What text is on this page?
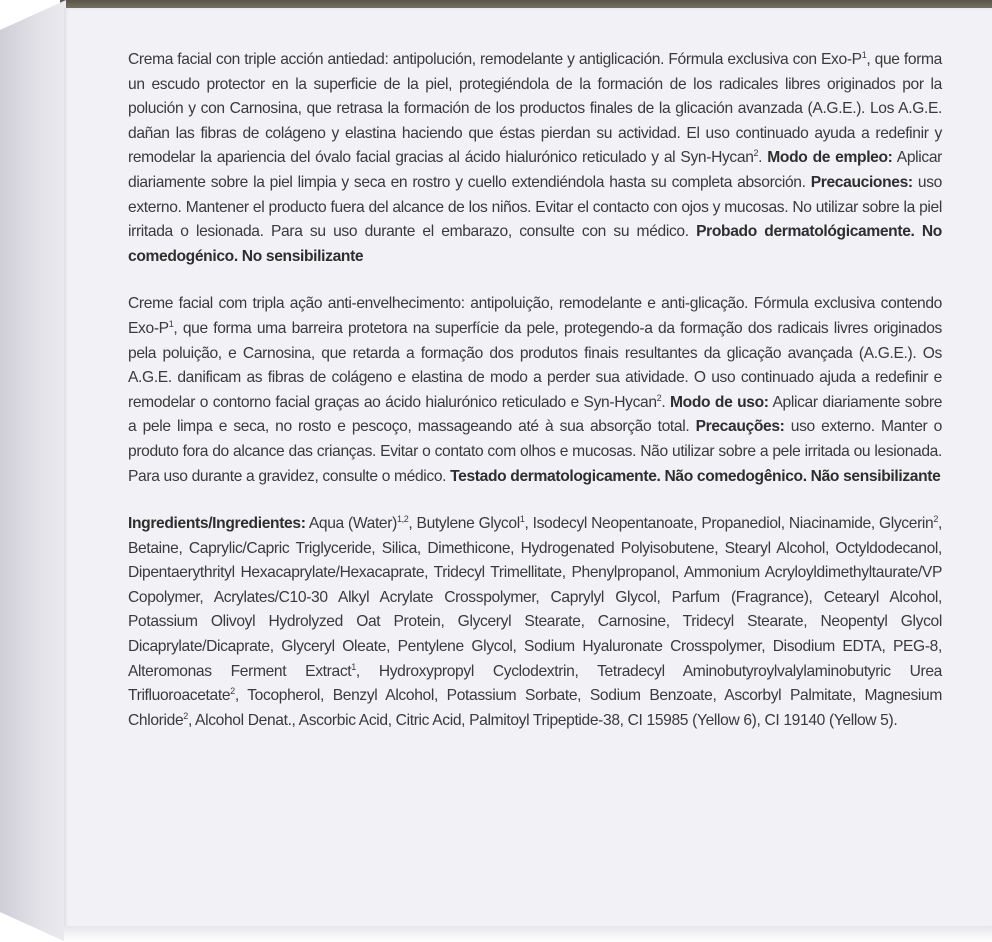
Crema facial con triple acción antiedad: antipolución, remodelante y antiglicación. Fórmula exclusiva con Exo-$P^1$, que forma un escudo protector en la superficie de la piel, protegiéndola de la formación de los radicales libres originados por la polución y con Carnosina, que retrasa la formación de los productos finales de la glicación avanzada (A.G.E.). Los A.G.E. dañan las fibras de colágeno y elastina haciendo que éstas pierdan su actividad. El uso continuado ayuda a redefinir y remodelar la apariencia del óvalo facial gracias al ácido hialurónico reticulado y al Syn-Hycan$^2$. Modo de empleo: Aplicar diariamente sobre la piel limpia y seca en rostro y cuello extendiéndola hasta su completa absorción. Precauciones: uso externo. Mantener el producto fuera del alcance de los niños. Evitar el contacto con ojos y mucosas. No utilizar sobre la piel irritada o lesionada. Para su uso durante el embarazo, consulte con su médico. Probado dermatológicamente. No comedogénico. No sensibilizante

Creme facial com tripla ação anti-envelhecimento: antipoluição, remodelante e anti-glicação. Fórmula exclusiva contendo Exo-$P^1$, que forma uma barreira protetora na superfície da pele, protegendo-a da formação dos radicais livres originados pela poluição, e Carnosina, que retarda a formação dos produtos finais resultantes da glicação avançada (A.G.E.). Os A.G.E. danificam as fibras de colágeno e elastina de modo a perder sua atividade. O uso continuado ajuda a redefinir e remodelar o contorno facial graças ao ácido hialurónico reticulado e Syn-Hycan$^2$. Modo de uso: Aplicar diariamente sobre a pele limpa e seca, no rosto e pescoço, massageando até à sua absorção total. Precauções: uso externo. Manter o produto fora do alcance das crianças. Evitar o contato com olhos e mucosas. Não utilizar sobre a pele irritada ou lesionada. Para uso durante a gravidez, consulte o médico. Testado dermatologicamente. Não comedogênico. Não sensibilizante

Ingredients/Ingredientes: Aqua (Water)$^{1,2}$, Butylene Glycol$^1$, Isodecyl Neopentanoate, Propanediol, Niacinamide, Glycerin$^2$, Betaine, Caprylic/Capric Triglyceride, Silica, Dimethicone, Hydrogenated Polyisobutene, Stearyl Alcohol, Octyldodecanol, Dipentaerythrityl Hexacaprylate/Hexacaprate, Tridecyl Trimellitate, Phenylpropanol, Ammonium Acryloyldimethyltaurate/VP Copolymer, Acrylates/C10-30 Alkyl Acrylate Crosspolymer, Caprylyl Glycol, Parfum (Fragrance), Cetearyl Alcohol, Potassium Olivoyl Hydrolyzed Oat Protein, Glyceryl Stearate, Carnosine, Tridecyl Stearate, Neopentyl Glycol Dicaprylate/Dicaprate, Glyceryl Oleate, Pentylene Glycol, Sodium Hyaluronate Crosspolymer, Disodium EDTA, PEG-8, Alteromonas Ferment Extract$^1$, Hydroxypropyl Cyclodextrin, Tetradecyl Aminobutyroylvalylaminobutyric Urea Trifluoroacetate$^2$, Tocopherol, Benzyl Alcohol, Potassium Sorbate, Sodium Benzoate, Ascorbyl Palmitate, Magnesium Chloride$^2$, Alcohol Denat., Ascorbic Acid, Citric Acid, Palmitoyl Tripeptide-38, CI 15985 (Yellow 6), CI 19140 (Yellow 5).
